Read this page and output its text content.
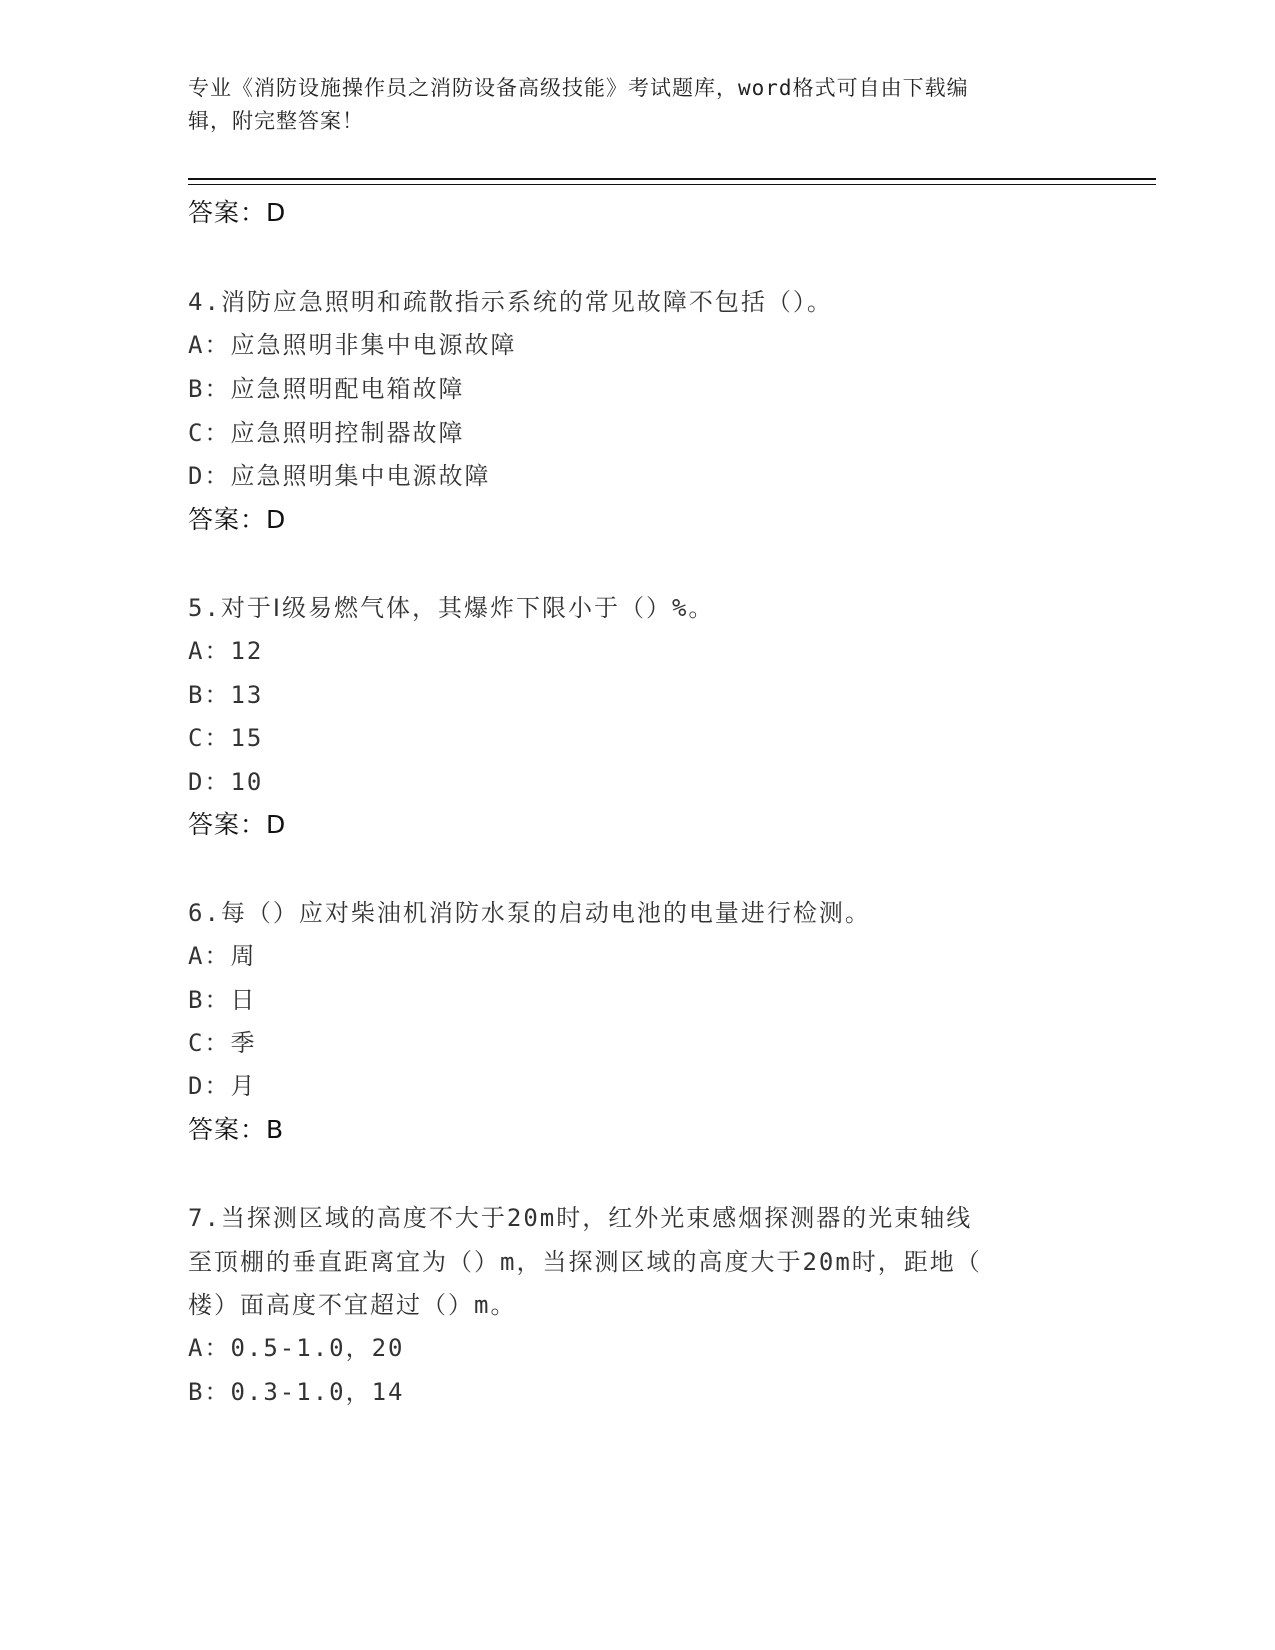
专业《消防设施操作员之消防设备高级技能》考试题库，word格式可自由下载编
辑，附完整答案！
答案：D
4.消防应急照明和疏散指示系统的常见故障不包括（）。
A：应急照明非集中电源故障
B：应急照明配电箱故障
C：应急照明控制器故障
D：应急照明集中电源故障
答案：D
5.对于Ⅰ级易燃气体，其爆炸下限小于（）%。
A：12
B：13
C：15
D：10
答案：D
6.每（）应对柴油机消防水泵的启动电池的电量进行检测。
A：周
B：日
C：季
D：月
答案：B
7.当探测区域的高度不大于20m时，红外光束感烟探测器的光束轴线
至顶棚的垂直距离宜为（）m，当探测区域的高度大于20m时，距地（
楼）面高度不宜超过（）m。
A：0.5-1.0，20
B：0.3-1.0，14
